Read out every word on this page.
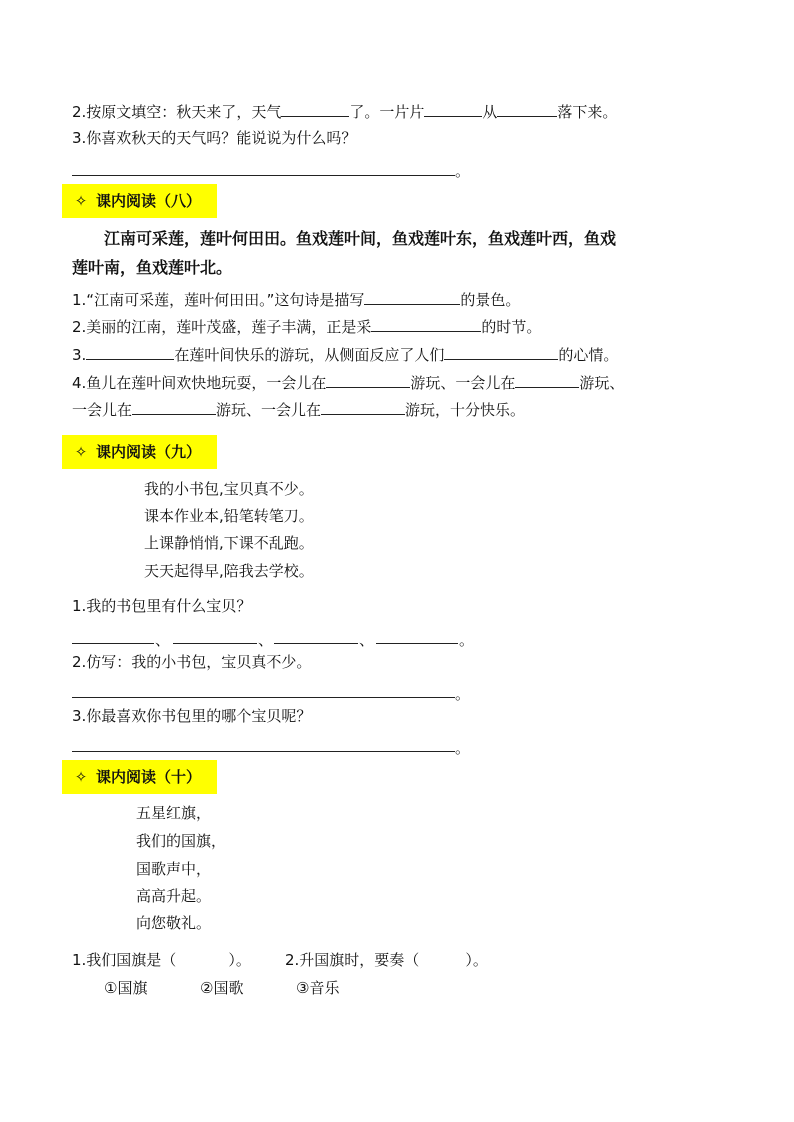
2.按原文填空：秋天来了，天气	了。一片片	从	落下来。
3.你喜欢秋天的天气吗？能说说为什么吗？
。
✧ 课内阅读（八）
江南可采莲，莲叶何田田。鱼戏莲叶间，鱼戏莲叶东，鱼戏莲叶西，鱼戏
莲叶南，鱼戏莲叶北。
1.“江南可采莲，莲叶何田田。”这句诗是描写	的景色。
2.美丽的江南，莲叶茂盛，莲子丰满，正是采	的时节。
3.	在莲叶间快乐的游玩，从侧面反应了人们	的心情。
4.鱼儿在莲叶间欢快地玩耍，一会儿在	游玩、一会儿在	游玩、
一会儿在	游玩、一会儿在	游玩，十分快乐。
✧ 课内阅读（九）
我的小书包,宝贝真不少。
课本作业本,铅笔转笔刀。
上课静悄悄,下课不乱跑。
天天起得早,陪我去学校。
1.我的书包里有什么宝贝？
、	、	、	。
2.仿写：我的小书包，宝贝真不少。
。
3.你最喜欢你书包里的哪个宝贝呢？
。
✧ 课内阅读（十）
五星红旗，
我们的国旗，
国歌声中，
高高升起。
向您敬礼。
1.我们国旗是（	）。 2.升国旗时，要奏（	）。
①国旗	②国歌	③音乐
